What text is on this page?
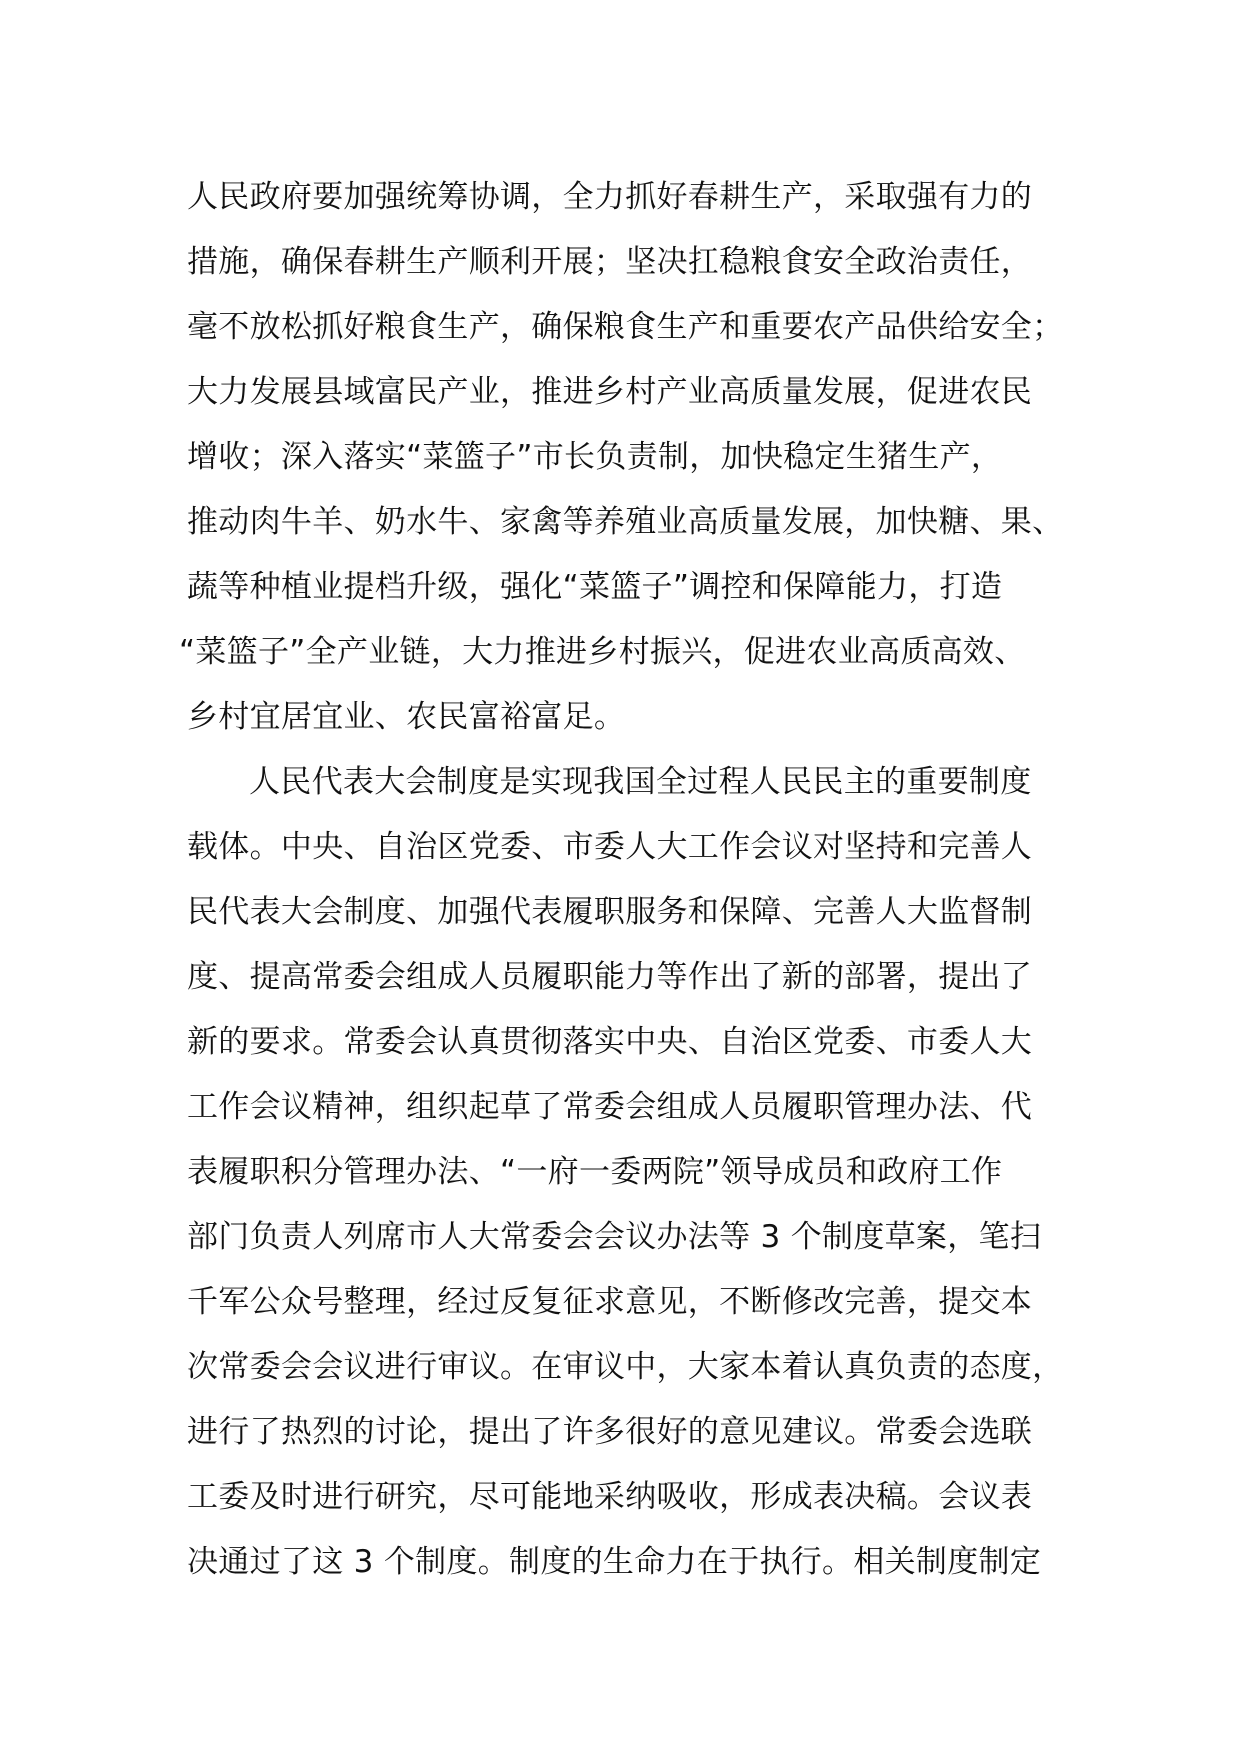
人民政府要加强统筹协调，全力抓好春耕生产，采取强有力的
措施，确保春耕生产顺利开展；坚决扛稳粮食安全政治责任，
毫不放松抓好粮食生产，确保粮食生产和重要农产品供给安全；
大力发展县域富民产业，推进乡村产业高质量发展，促进农民
增收；深入落实“菜篮子”市长负责制，加快稳定生猪生产，
推动肉牛羊、奶水牛、家禽等养殖业高质量发展，加快糖、果、
蔬等种植业提档升级，强化“菜篮子”调控和保障能力，打造
“菜篮子”全产业链，大力推进乡村振兴，促进农业高质高效、
乡村宜居宜业、农民富裕富足。
人民代表大会制度是实现我国全过程人民民主的重要制度
载体。中央、自治区党委、市委人大工作会议对坚持和完善人
民代表大会制度、加强代表履职服务和保障、完善人大监督制
度、提高常委会组成人员履职能力等作出了新的部署，提出了
新的要求。常委会认真贯彻落实中央、自治区党委、市委人大
工作会议精神，组织起草了常委会组成人员履职管理办法、代
表履职积分管理办法、“一府一委两院”领导成员和政府工作
部门负责人列席市人大常委会会议办法等 3 个制度草案，笔扫
千军公众号整理，经过反复征求意见，不断修改完善，提交本
次常委会会议进行审议。在审议中，大家本着认真负责的态度，
进行了热烈的讨论，提出了许多很好的意见建议。常委会选联
工委及时进行研究，尽可能地采纳吸收，形成表决稿。会议表
决通过了这 3 个制度。制度的生命力在于执行。相关制度制定
